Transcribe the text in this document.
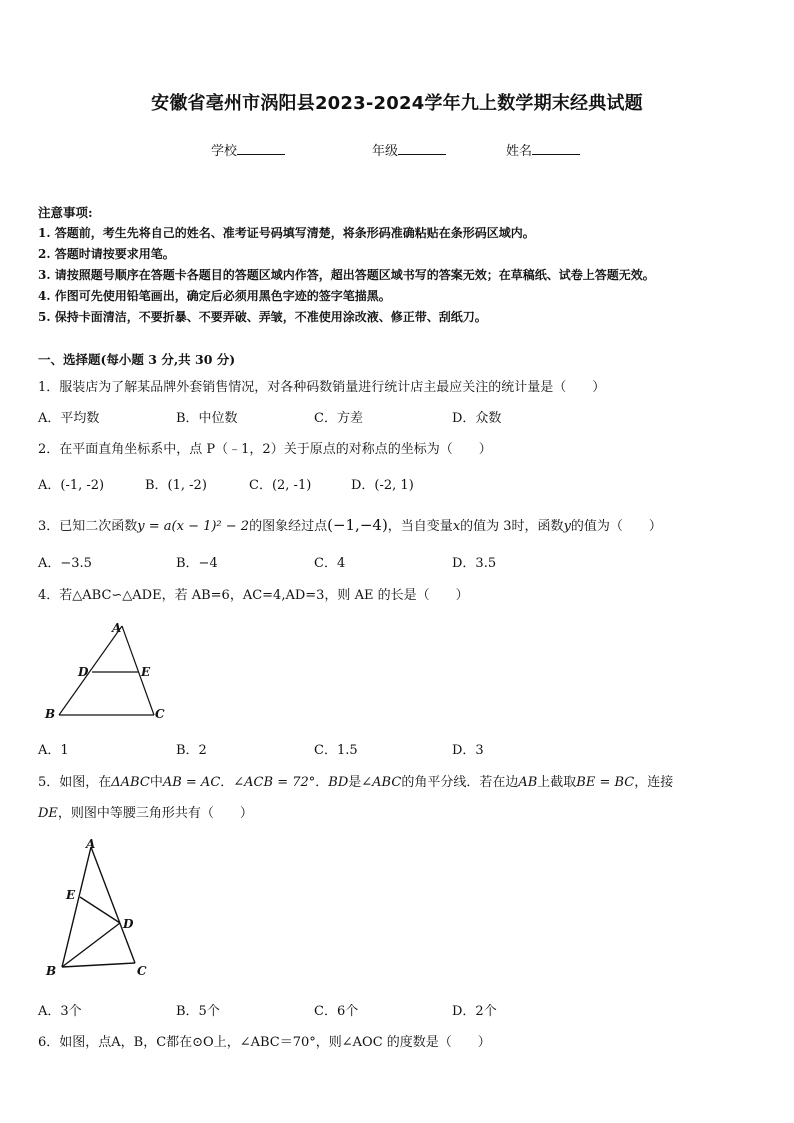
安徽省亳州市涡阳县2023-2024学年九上数学期末经典试题
学校	年级	姓名
注意事项:
1. 答题前，考生先将自己的姓名、准考证号码填写清楚，将条形码准确粘贴在条形码区域内。
2. 答题时请按要求用笔。
3. 请按照题号顺序在答题卡各题目的答题区域内作答，超出答题区域书写的答案无效；在草稿纸、试卷上答题无效。
4. 作图可先使用铅笔画出，确定后必须用黑色字迹的签字笔描黑。
5. 保持卡面清洁，不要折暴、不要弄破、弄皱，不准使用涂改液、修正带、刮纸刀。
一、选择题(每小题 3 分,共 30 分)
1．服装店为了解某品牌外套销售情况，对各种码数销量进行统计店主最应关注的统计量是（　　）
A．平均数	B．中位数	C．方差	D．众数
2．在平面直角坐标系中，点 P（﹣1，2）关于原点的对称点的坐标为（　　）
A．(-1, -2)	B．(1, -2)	C．(2, -1)	D．(-2, 1)
3．已知二次函数y = a(x − 1)² − 2的图象经过点(−1,−4)，当自变量x的值为 3时，函数y的值为（　　）
A．−3.5	B．−4	C．4	D．3.5
4．若△ABC∽△ADE，若 AB=6，AC=4,AD=3，则 AE 的长是（　　）
A
B	C
D	E
A．1	B．2	C．1.5	D．3
5．如图，在ΔABC中AB = AC．∠ACB = 72°．BD是∠ABC的角平分线．若在边AB上截取BE = BC，连接
DE，则图中等腰三角形共有（　　）
A
B	C
D
E
A．3个	B．5个	C．6个	D．2个
6．如图，点A，B，C都在⊙O上，∠ABC＝70°，则∠AOC 的度数是（　　）
